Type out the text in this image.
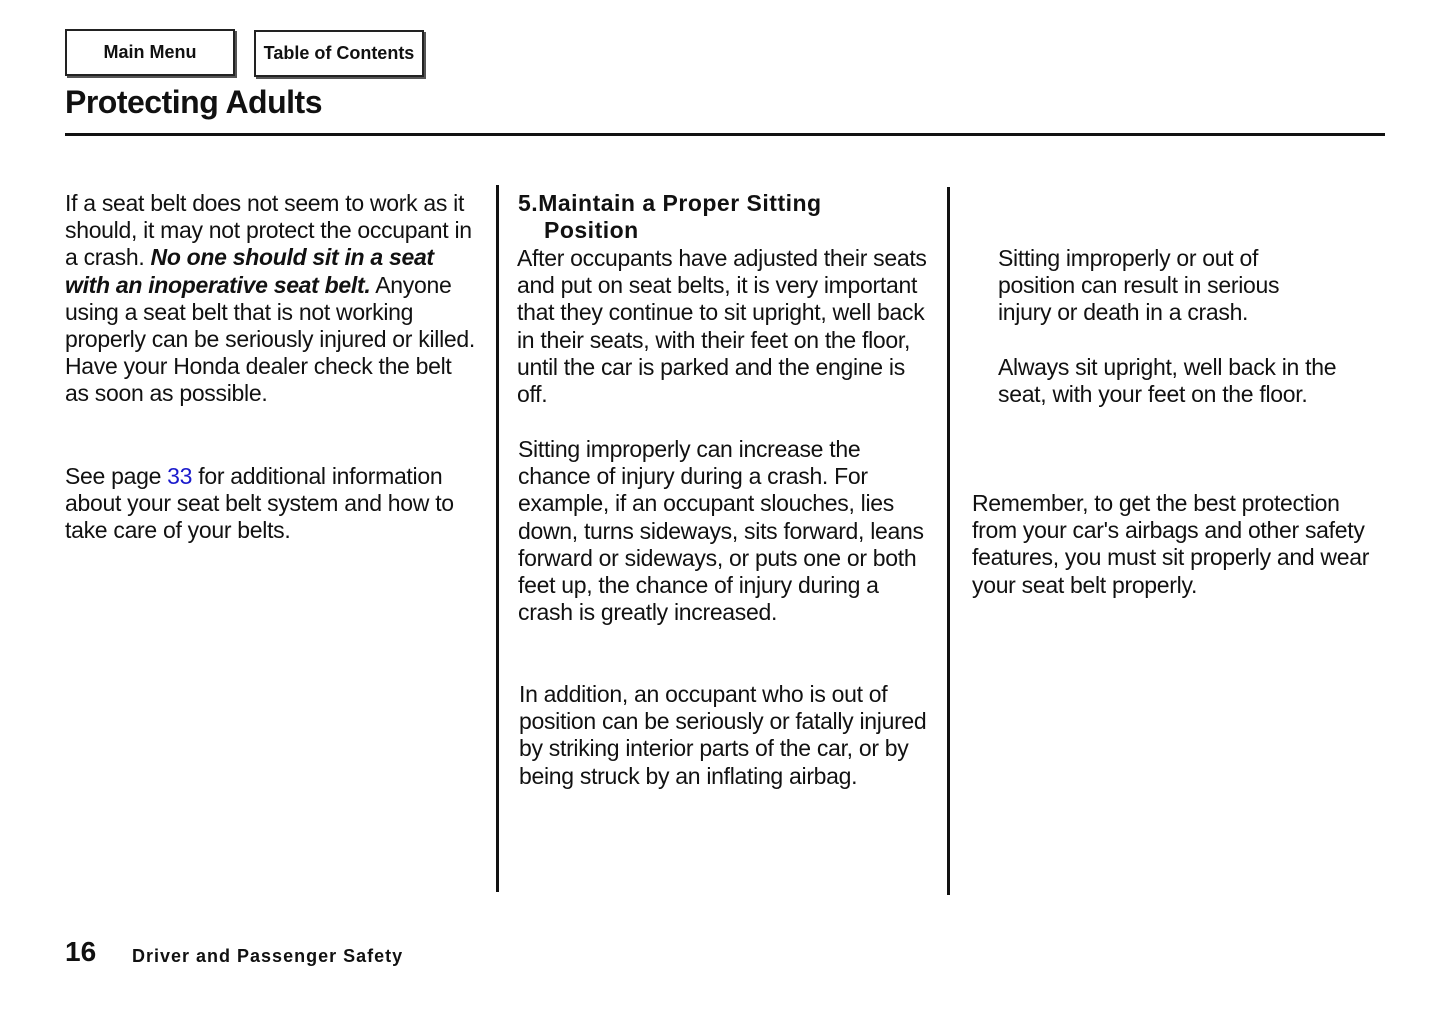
Main Menu	Table of Contents
Protecting Adults

If a seat belt does not seem to work as it should, it may not protect the occupant in a crash. No one should sit in a seat with an inoperative seat belt. Anyone using a seat belt that is not working properly can be seriously injured or killed. Have your Honda dealer check the belt as soon as possible.

See page 33 for additional information about your seat belt system and how to take care of your belts.

5.Maintain a Proper Sitting
Position

After occupants have adjusted their seats and put on seat belts, it is very important that they continue to sit upright, well back in their seats, with their feet on the floor, until the car is parked and the engine is off.

Sitting improperly can increase the chance of injury during a crash. For example, if an occupant slouches, lies down, turns sideways, sits forward, leans forward or sideways, or puts one or both feet up, the chance of injury during a crash is greatly increased.

In addition, an occupant who is out of position can be seriously or fatally injured by striking interior parts of the car, or by being struck by an inflating airbag.

Sitting improperly or out of position can result in serious injury or death in a crash.

Always sit upright, well back in the seat, with your feet on the floor.

Remember, to get the best protection from your car's airbags and other safety features, you must sit properly and wear your seat belt properly.

16 Driver and Passenger Safety
